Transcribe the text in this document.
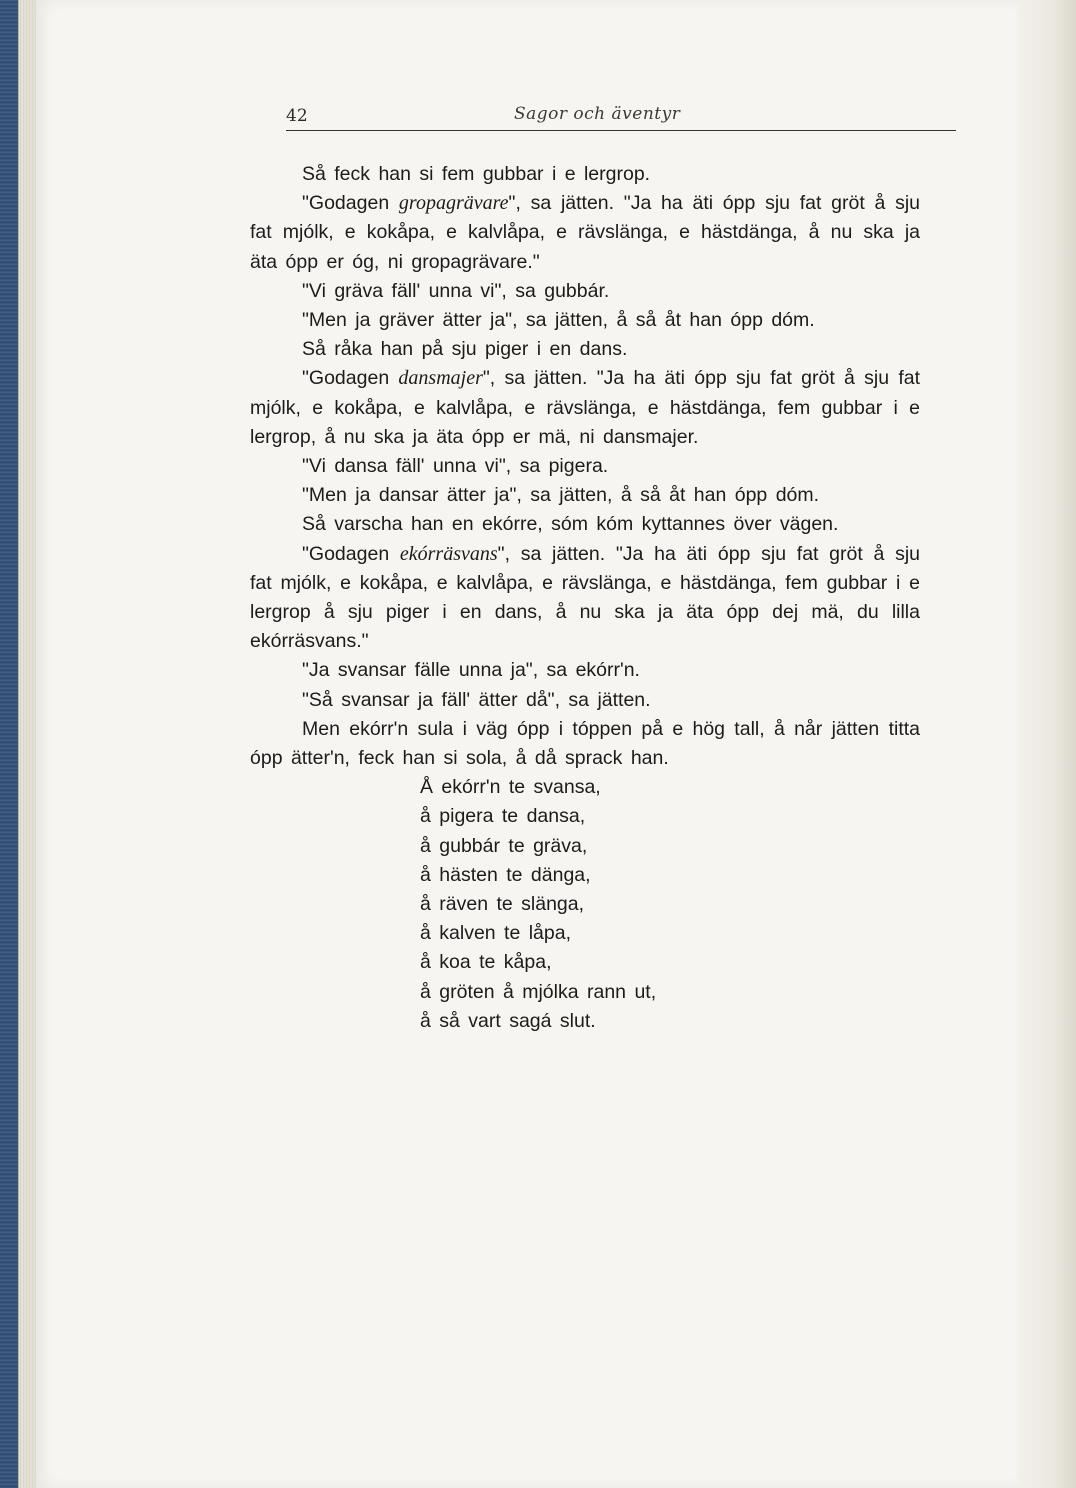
42	Sagor och äventyr

Så feck han si fem gubbar i e lergrop.

"Godagen gropagrävare", sa jätten. "Ja ha äti ópp sju fat gröt å sju fat mjólk, e kokåpa, e kalvlåpa, e rävslänga, e hästdänga, å nu ska ja äta ópp er óg, ni gropagrävare."

"Vi gräva fäll' unna vi", sa gubbár.

"Men ja gräver ätter ja", sa jätten, å så åt han ópp dóm.

Så råka han på sju piger i en dans.

"Godagen dansmajer", sa jätten. "Ja ha äti ópp sju fat gröt å sju fat mjólk, e kokåpa, e kalvlåpa, e rävslänga, e hästdänga, fem gubbar i e lergrop, å nu ska ja äta ópp er mä, ni dansmajer.

"Vi dansa fäll' unna vi", sa pigera.

"Men ja dansar ätter ja", sa jätten, å så åt han ópp dóm.

Så varscha han en ekórre, sóm kóm kyttannes över vägen.

"Godagen ekórräsvans", sa jätten. "Ja ha äti ópp sju fat gröt å sju fat mjólk, e kokåpa, e kalvlåpa, e rävslänga, e hästdänga, fem gubbar i e lergrop å sju piger i en dans, å nu ska ja äta ópp dej mä, du lilla ekórräsvans."

"Ja svansar fälle unna ja", sa ekórr'n.

"Så svansar ja fäll' ätter då", sa jätten.

Men ekórr'n sula i väg ópp i tóppen på e hög tall, å når jätten titta ópp ätter'n, feck han si sola, å då sprack han.

Å ekórr'n te svansa,

å pigera te dansa,

å gubbár te gräva,

å hästen te dänga,

å räven te slänga,

å kalven te låpa,

å koa te kåpa,

å gröten å mjólka rann ut,

å så vart sagá slut.
